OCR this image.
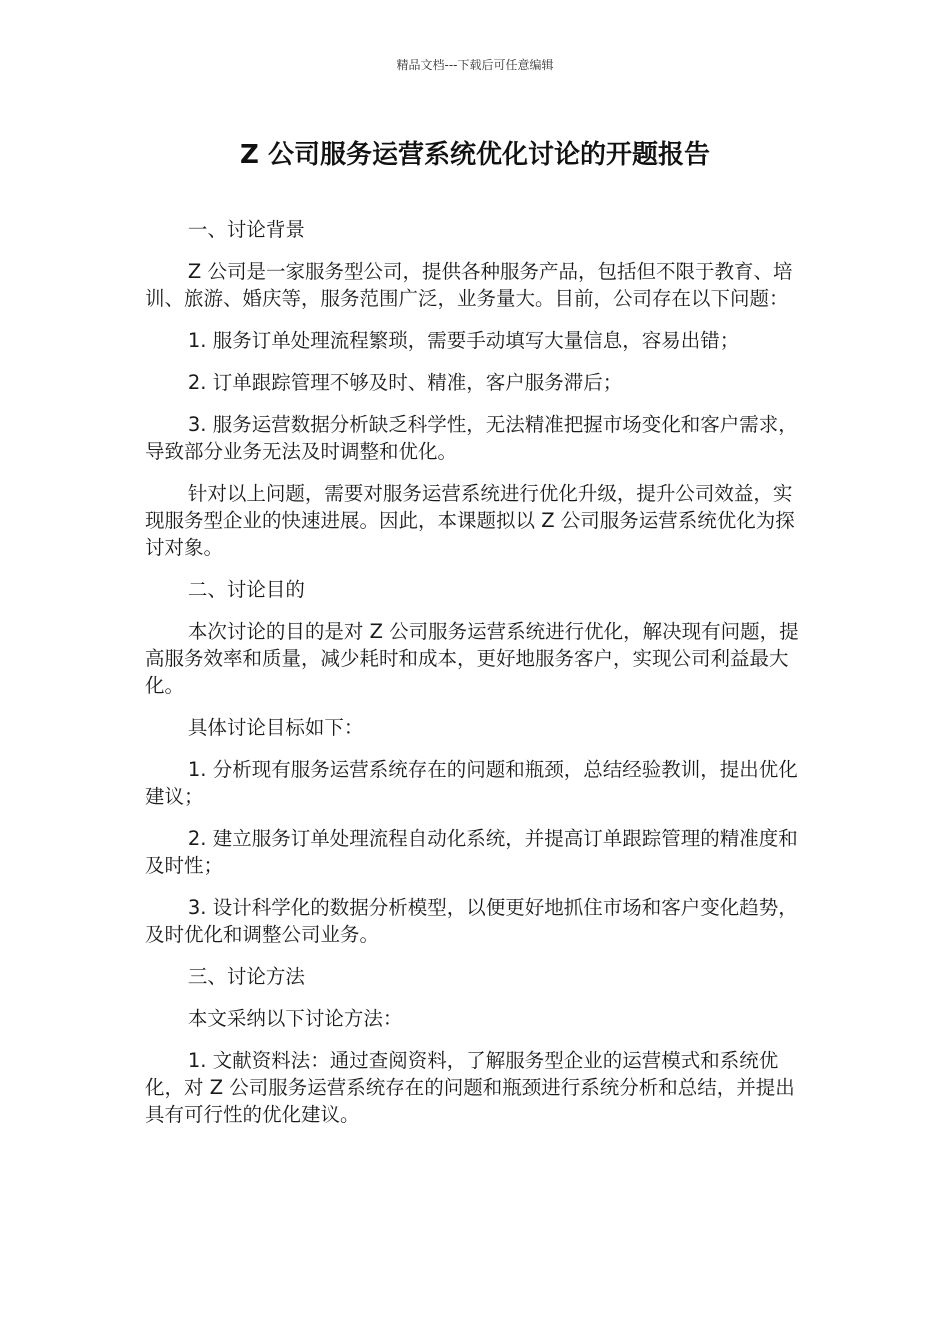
精品文档---下载后可任意编辑
Z 公司服务运营系统优化讨论的开题报告

一、讨论背景

Z 公司是一家服务型公司，提供各种服务产品，包括但不限于教育、培训、旅游、婚庆等，服务范围广泛，业务量大。目前，公司存在以下问题：

1. 服务订单处理流程繁琐，需要手动填写大量信息，容易出错；

2. 订单跟踪管理不够及时、精准，客户服务滞后；

3. 服务运营数据分析缺乏科学性，无法精准把握市场变化和客户需求，导致部分业务无法及时调整和优化。

针对以上问题，需要对服务运营系统进行优化升级，提升公司效益，实现服务型企业的快速进展。因此，本课题拟以 Z 公司服务运营系统优化为探讨对象。

二、讨论目的

本次讨论的目的是对 Z 公司服务运营系统进行优化，解决现有问题，提高服务效率和质量，减少耗时和成本，更好地服务客户，实现公司利益最大化。

具体讨论目标如下：

1. 分析现有服务运营系统存在的问题和瓶颈，总结经验教训，提出优化建议；

2. 建立服务订单处理流程自动化系统，并提高订单跟踪管理的精准度和及时性；

3. 设计科学化的数据分析模型，以便更好地抓住市场和客户变化趋势，及时优化和调整公司业务。

三、讨论方法

本文采纳以下讨论方法：

1. 文献资料法：通过查阅资料，了解服务型企业的运营模式和系统优化，对 Z 公司服务运营系统存在的问题和瓶颈进行系统分析和总结，并提出具有可行性的优化建议。
